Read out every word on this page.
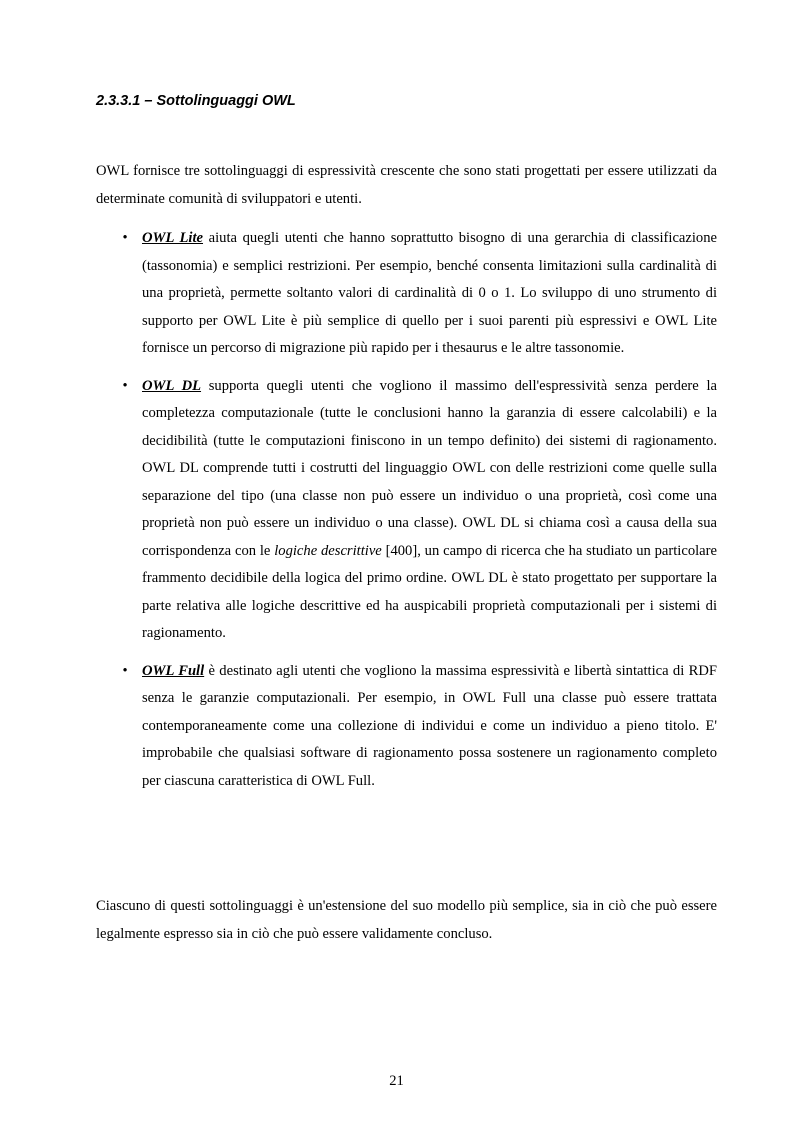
2.3.3.1 – Sottolinguaggi OWL

OWL fornisce tre sottolinguaggi di espressività crescente che sono stati progettati per essere utilizzati da determinate comunità di sviluppatori e utenti.

• OWL Lite aiuta quegli utenti che hanno soprattutto bisogno di una gerarchia di classificazione (tassonomia) e semplici restrizioni. Per esempio, benché consenta limitazioni sulla cardinalità di una proprietà, permette soltanto valori di cardinalità di 0 o 1. Lo sviluppo di uno strumento di supporto per OWL Lite è più semplice di quello per i suoi parenti più espressivi e OWL Lite fornisce un percorso di migrazione più rapido per i thesaurus e le altre tassonomie.
• OWL DL supporta quegli utenti che vogliono il massimo dell'espressività senza perdere la completezza computazionale (tutte le conclusioni hanno la garanzia di essere calcolabili) e la decidibilità (tutte le computazioni finiscono in un tempo definito) dei sistemi di ragionamento. OWL DL comprende tutti i costrutti del linguaggio OWL con delle restrizioni come quelle sulla separazione del tipo (una classe non può essere un individuo o una proprietà, così come una proprietà non può essere un individuo o una classe). OWL DL si chiama così a causa della sua corrispondenza con le logiche descrittive [400], un campo di ricerca che ha studiato un particolare frammento decidibile della logica del primo ordine. OWL DL è stato progettato per supportare la parte relativa alle logiche descrittive ed ha auspicabili proprietà computazionali per i sistemi di ragionamento.
• OWL Full è destinato agli utenti che vogliono la massima espressività e libertà sintattica di RDF senza le garanzie computazionali. Per esempio, in OWL Full una classe può essere trattata contemporaneamente come una collezione di individui e come un individuo a pieno titolo. E' improbabile che qualsiasi software di ragionamento possa sostenere un ragionamento completo per ciascuna caratteristica di OWL Full.

Ciascuno di questi sottolinguaggi è un'estensione del suo modello più semplice, sia in ciò che può essere legalmente espresso sia in ciò che può essere validamente concluso.

21
